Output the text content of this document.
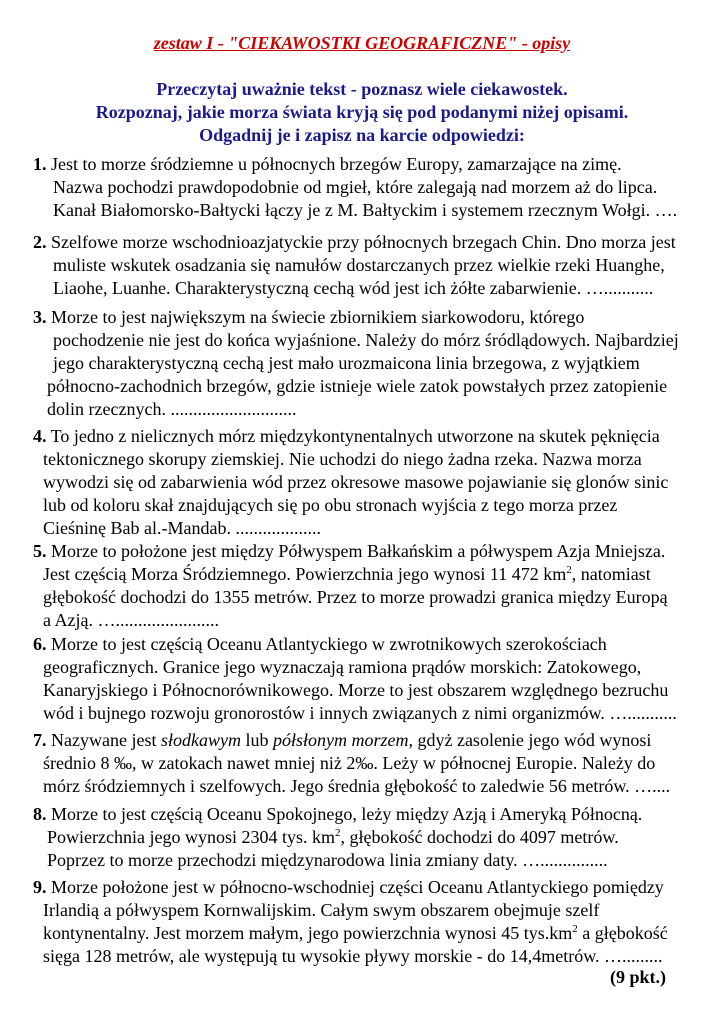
zestaw I - "CIEKAWOSTKI GEOGRAFICZNE" - opisy
Przeczytaj uważnie tekst - poznasz wiele ciekawostek.
Rozpoznaj, jakie morza świata kryją się pod podanymi niżej opisami.
Odgadnij je i zapisz na karcie odpowiedzi:
1. Jest to morze śródziemne u północnych brzegów Europy, zamarzające na zimę.
Nazwa pochodzi prawdopodobnie od mgieł, które zalegają nad morzem aż do lipca.
Kanał Białomorsko-Bałtycki łączy je z M. Bałtyckim i systemem rzecznym Wołgi. ….
2. Szelfowe morze wschodnioazjatyckie przy północnych brzegach Chin. Dno morza jest
muliste wskutek osadzania się namułów dostarczanych przez wielkie rzeki Huanghe,
Liaohe, Luanhe. Charakterystyczną cechą wód jest ich żółte zabarwienie. …...........
3. Morze to jest największym na świecie zbiornikiem siarkowodoru, którego
pochodzenie nie jest do końca wyjaśnione. Należy do mórz śródlądowych. Najbardziej
jego charakterystyczną cechą jest mało urozmaicona linia brzegowa, z wyjątkiem
północno-zachodnich brzegów, gdzie istnieje wiele zatok powstałych przez zatopienie
dolin rzecznych. ............................
4. To jedno z nielicznych mórz międzykontynentalnych utworzone na skutek pęknięcia
tektonicznego skorupy ziemskiej. Nie uchodzi do niego żadna rzeka. Nazwa morza
wywodzi się od zabarwienia wód przez okresowe masowe pojawianie się glonów sinic
lub od koloru skał znajdujących się po obu stronach wyjścia z tego morza przez
Cieśninę Bab al.-Mandab. ...................
5. Morze to położone jest między Półwyspem Bałkańskim a półwyspem Azja Mniejsza.
Jest częścią Morza Śródziemnego. Powierzchnia jego wynosi 11 472 $km^2$, natomiast
głębokość dochodzi do 1355 metrów. Przez to morze prowadzi granica między Europą
a Azją. ….......................
6. Morze to jest częścią Oceanu Atlantyckiego w zwrotnikowych szerokościach
geograficznych. Granice jego wyznaczają ramiona prądów morskich: Zatokowego,
Kanaryjskiego i Północnorównikowego. Morze to jest obszarem względnego bezruchu
wód i bujnego rozwoju gronorostów i innych związanych z nimi organizmów. …...........
7. Nazywane jest słodkawym lub półsłonym morzem, gdyż zasolenie jego wód wynosi
średnio 8 ‰, w zatokach nawet mniej niż 2‰. Leży w północnej Europie. Należy do
mórz śródziemnych i szelfowych. Jego średnia głębokość to zaledwie 56 metrów. …....
8. Morze to jest częścią Oceanu Spokojnego, leży między Azją i Ameryką Północną.
Powierzchnia jego wynosi 2304 tys. $km^2$, głębokość dochodzi do 4097 metrów.
Poprzez to morze przechodzi międzynarodowa linia zmiany daty. …...............
9. Morze położone jest w północno-wschodniej części Oceanu Atlantyckiego pomiędzy
Irlandią a półwyspem Kornwalijskim. Całym swym obszarem obejmuje szelf
kontynentalny. Jest morzem małym, jego powierzchnia wynosi 45 $tys.km^2$ a głębokość
sięga 128 metrów, ale występują tu wysokie pływy morskie - do 14,4metrów. ….........
(9 pkt.)
